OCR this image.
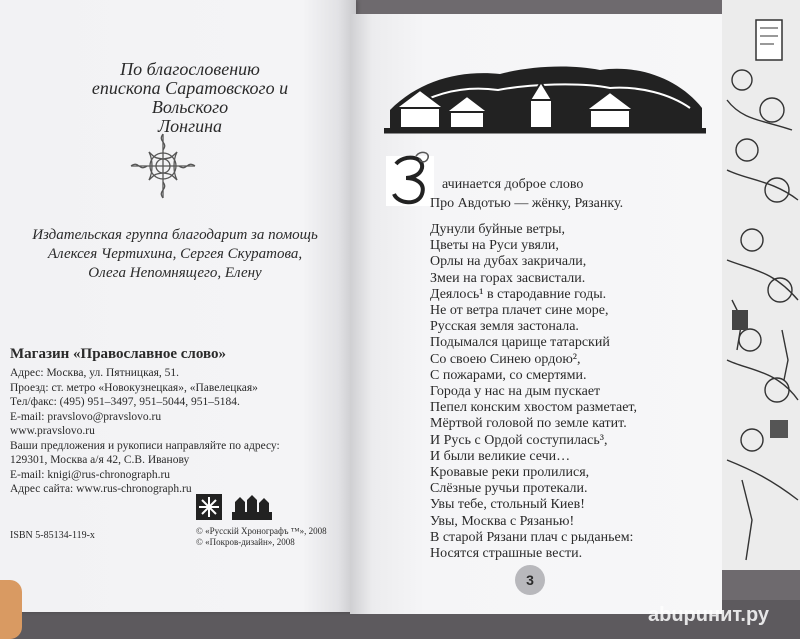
По благословению
епископа Саратовского и Вольского
Лонгина
Издательская группа благодарит за помощь
Алексея Чертихина, Сергея Скуратова,
Олега Непомнящего, Елену
Магазин «Православное слово»
Адрес: Москва, ул. Пятницкая, 51.
Проезд: ст. метро «Новокузнецкая», «Павелецкая»
Тел/факс: (495) 951–3497, 951–5044, 951–5184.
E-mail: pravslovo@pravslovo.ru
www.pravslovo.ru
Ваши предложения и рукописи направляйте по адресу:
129301, Москва а/я 42, С.В. Иванову
E-mail: knigi@rus-chronograph.ru
Адрес сайта: www.rus-chronograph.ru
ISBN 5-85134-119-x	© «Русскiй Хронографъ ™», 2008
© «Покров-дизайн», 2008
ачинается доброе слово
Про Авдотью — жёнку, Рязанку.
Дунули буйные ветры,
Цветы на Руси увяли,
Орлы на дубах закричали,
Змеи на горах засвистали.
Деялось¹ в стародавние годы.
Не от ветра плачет сине море,
Русская земля застонала.
Подымался царище татарский
Со своею Синею ордою²,
С пожарами, со смертями.
Города у нас на дым пускает
Пепел конским хвостом разметает,
Мёртвой головой по земле катит.
И Русь с Ордой соступилась³,
И были великие сечи…
Кровавые реки пролилися,
Слёзные ручьи протекали.
Увы тебе, стольный Киев!
Увы, Москва с Рязанью!
В старой Рязани плач с рыданьем:
Носятся страшные вести.
3
abuрuнит.ру
